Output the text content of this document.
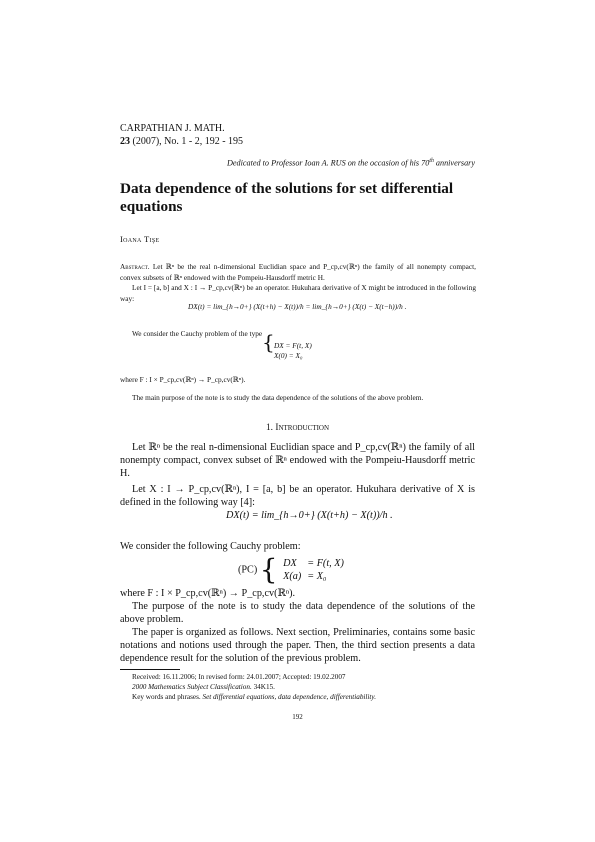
CARPATHIAN J. MATH.
23 (2007), No. 1 - 2, 192 - 195
Dedicated to Professor Ioan A. RUS on the occasion of his 70th anniversary
Data dependence of the solutions for set differential equations
Ioana Tişe

Abstract. Let ℝⁿ be the real n-dimensional Euclidian space and P_cp,cv(ℝⁿ) the family of all nonempty compact, convex subsets of ℝⁿ endowed with the Pompeiu-Hausdorff metric H.

Let I = [a, b] and X : I → P_cp,cv(ℝⁿ) be an operator. Hukuhara derivative of X might be introduced in the following way:

DX(t) = lim_{h→0+} (X(t+h) − X(t))/h = lim_{h→0+} (X(t) − X(t−h))/h .

We consider the Cauchy problem of the type { DX = F(t, X)
X(0) = X₀

where F : I × P_cp,cv(ℝⁿ) → P_cp,cv(ℝⁿ).

The main purpose of the note is to study the data dependence of the solutions of the above problem.

1. Introduction

Let ℝⁿ be the real n-dimensional Euclidian space and P_cp,cv(ℝⁿ) the family of all nonempty compact, convex subset of ℝⁿ endowed with the Pompeiu-Hausdorff metric H.

Let X : I → P_cp,cv(ℝⁿ), I = [a, b] be an operator. Hukuhara derivative of X is defined in the following way [4]:

DX(t) = lim_{h→0+} (X(t+h) − X(t))/h .

We consider the following Cauchy problem:

(PC) { DX	= F(t, X)
X(a)	= X₀

where F : I × P_cp,cv(ℝⁿ) → P_cp,cv(ℝⁿ).

The purpose of the note is to study the data dependence of the solutions of the above problem.

The paper is organized as follows. Next section, Preliminaries, contains some basic notations and notions used through the paper. Then, the third section presents a data dependence result for the solution of the previous problem.

Received: 16.11.2006; In revised form: 24.01.2007; Accepted: 19.02.2007

2000 Mathematics Subject Classification. 34K15.

Key words and phrases. Set differential equations, data dependence, differentiability.

192
